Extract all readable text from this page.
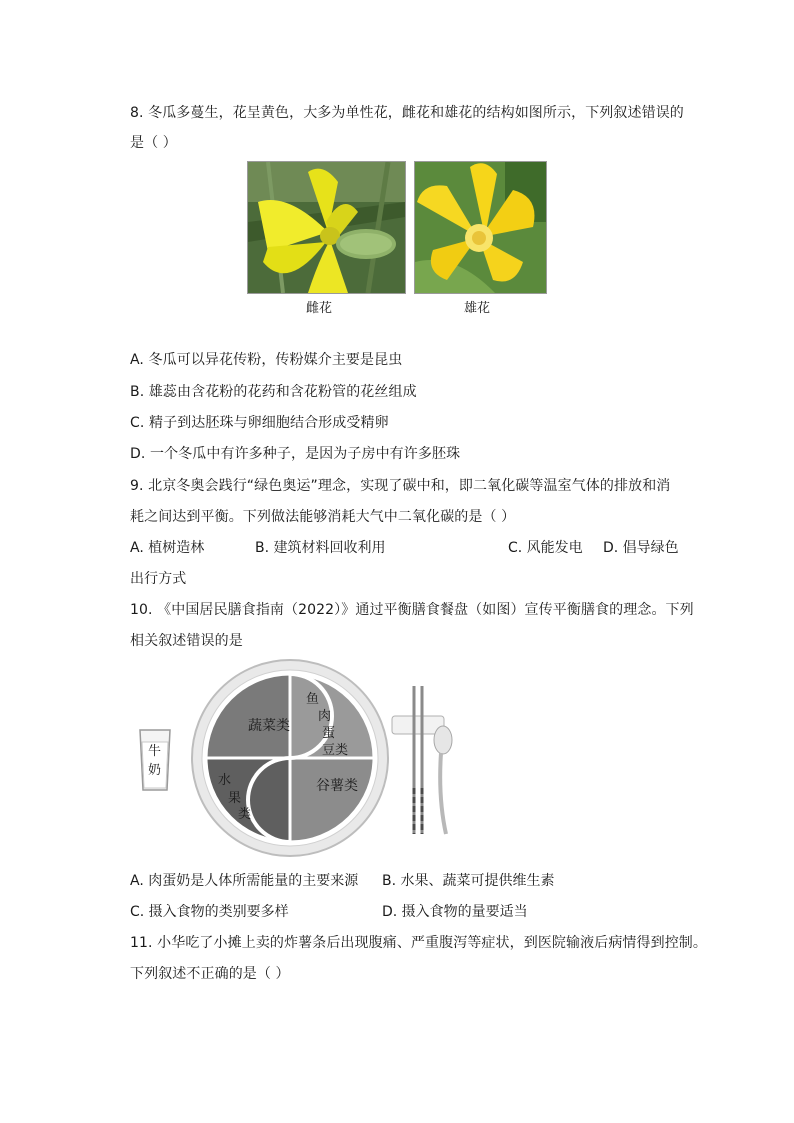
8. 冬瓜多蔓生，花呈黄色，大多为单性花，雌花和雄花的结构如图所示，下列叙述错误的
是（ ）
雌花	雄花
A. 冬瓜可以异花传粉，传粉媒介主要是昆虫
B. 雄蕊由含花粉的花药和含花粉管的花丝组成
C. 精子到达胚珠与卵细胞结合形成受精卵
D. 一个冬瓜中有许多种子，是因为子房中有许多胚珠
9. 北京冬奥会践行“绿色奥运”理念，实现了碳中和，即二氧化碳等温室气体的排放和消
耗之间达到平衡。下列做法能够消耗大气中二氧化碳的是（ ）
A. 植树造林	B. 建筑材料回收利用	C. 风能发电 D. 倡导绿色
出行方式
10. 《中国居民膳食指南（2022）》通过平衡膳食餐盘（如图）宣传平衡膳食的理念。下列
相关叙述错误的是
蔬菜类
鱼
肉
蛋
豆类
谷薯类
水
果
类
牛
奶
A. 肉蛋奶是人体所需能量的主要来源 B. 水果、蔬菜可提供维生素
C. 摄入食物的类别要多样	D. 摄入食物的量要适当
11. 小华吃了小摊上卖的炸薯条后出现腹痛、严重腹泻等症状，到医院输液后病情得到控制。
下列叙述不正确的是（ ）
